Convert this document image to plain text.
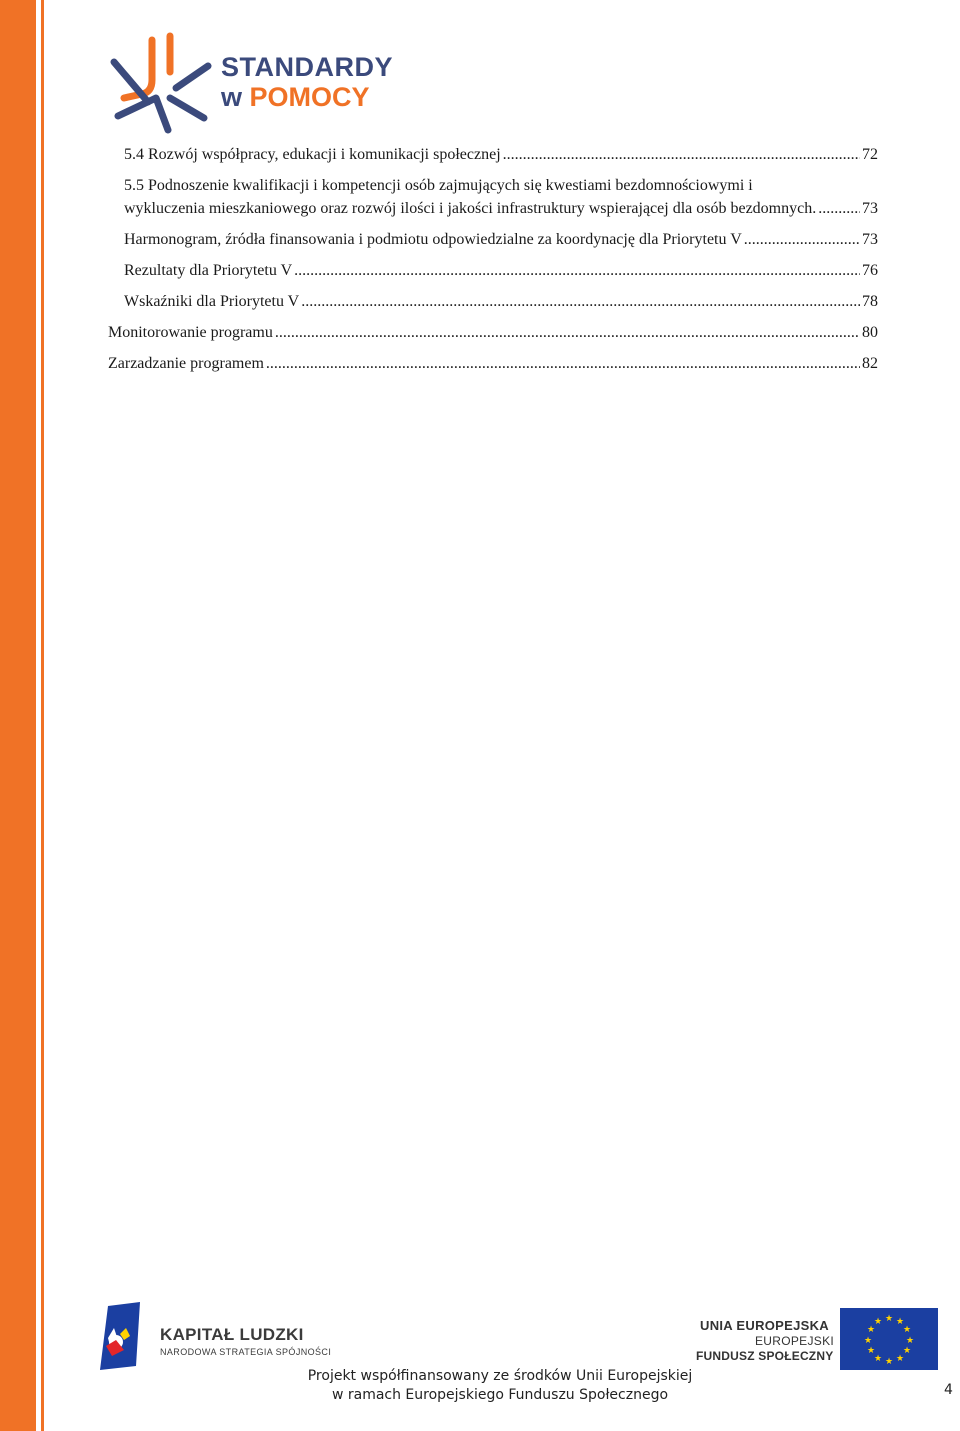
STANDARDY
w POMOCY
5.4 Rozwój współpracy, edukacji i komunikacji społecznej .....	72
5.5 Podnoszenie kwalifikacji i kompetencji osób zajmujących się kwestiami bezdomnościowymi i
wykluczenia mieszkaniowego oraz rozwój ilości i jakości infrastruktury wspierającej dla osób bezdomnych. .....	73
Harmonogram, źródła finansowania i podmiotu odpowiedzialne za koordynację dla Priorytetu V .....	73
Rezultaty dla Priorytetu V .....	76
Wskaźniki dla Priorytetu V .....	78
Monitorowanie programu .....	80
Zarzadzanie programem .....	82
KAPITAŁ LUDZKI
NARODOWA STRATEGIA SPÓJNOŚCI
UNIA EUROPEJSKA
EUROPEJSKI
FUNDUSZ SPOŁECZNY
★ ★
★
★
★
★
★
★
★
★
★
★
Projekt współfinansowany ze środków Unii Europejskiej
w ramach Europejskiego Funduszu Społecznego	4
